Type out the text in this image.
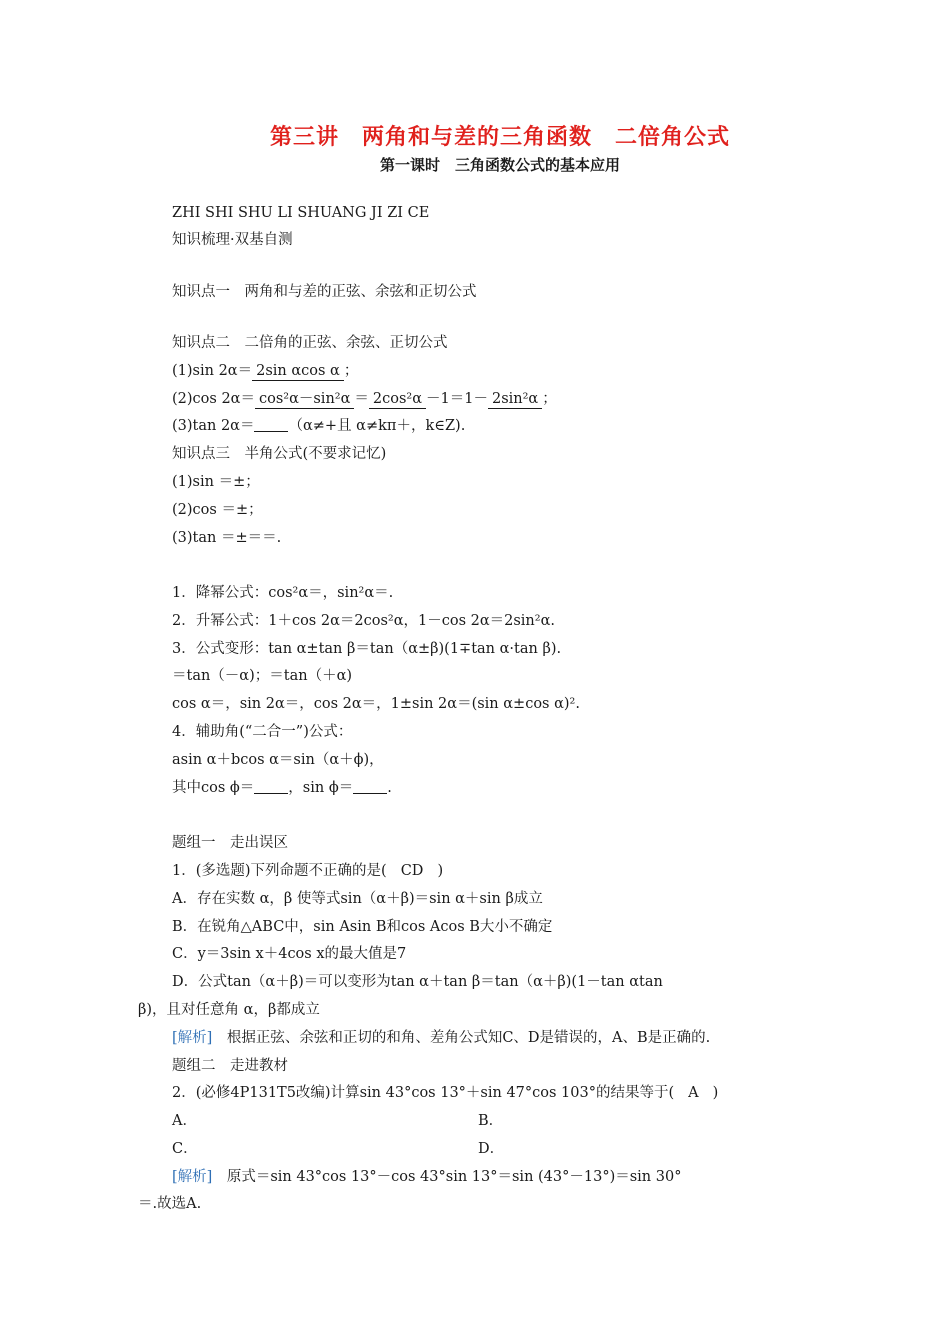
第三讲　两角和与差的三角函数　二倍角公式
第一课时　三角函数公式的基本应用
ZHI SHI SHU LI SHUANG JI ZI CE
知识梳理·双基自测
知识点一　两角和与差的正弦、余弦和正切公式
知识点二　二倍角的正弦、余弦、正切公式
(1)sin 2α＝ 2sin αcos α ；
(2)cos 2α＝ cos²α－sin²α ＝ 2cos²α －1＝1－ 2sin²α ；
(3)tan 2α＝ （α≠+且 α≠kπ＋，k∈Z).
知识点三　半角公式(不要求记忆)
(1)sin ＝±；
(2)cos ＝±；
(3)tan ＝±＝＝.
1．降幂公式：cos²α＝，sin²α＝.
2．升幂公式：1＋cos 2α＝2cos²α，1－cos 2α＝2sin²α.
3．公式变形：tan α±tan β＝tan（α±β)(1∓tan α·tan β).
＝tan（－α)；＝tan（＋α)
cos α＝，sin 2α＝，cos 2α＝，1±sin 2α＝(sin α±cos α)².
4．辅助角(“二合一”)公式：
asin α＋bcos α＝sin（α＋ϕ)，
其中cos ϕ＝ ，sin ϕ＝ .
题组一　走出误区
1．(多选题)下列命题不正确的是( CD )
A．存在实数 α，β 使等式sin（α＋β)＝sin α＋sin β成立
B．在锐角△ABC中，sin Asin B和cos Acos B大小不确定
C．y＝3sin x＋4cos x的最大值是7
D．公式tan（α＋β)＝可以变形为tan α＋tan β＝tan（α＋β)(1－tan αtan
β)，且对任意角 α，β都成立
[解析]　根据正弦、余弦和正切的和角、差角公式知C、D是错误的，A、B是正确的.
题组二　走进教材
2．(必修4P131T5改编)计算sin 43°cos 13°＋sin 47°cos 103°的结果等于( A )
A．	B．
C．	D．
[解析]　原式＝sin 43°cos 13°－cos 43°sin 13°＝sin (43°－13°)＝sin 30°
＝.故选A.
